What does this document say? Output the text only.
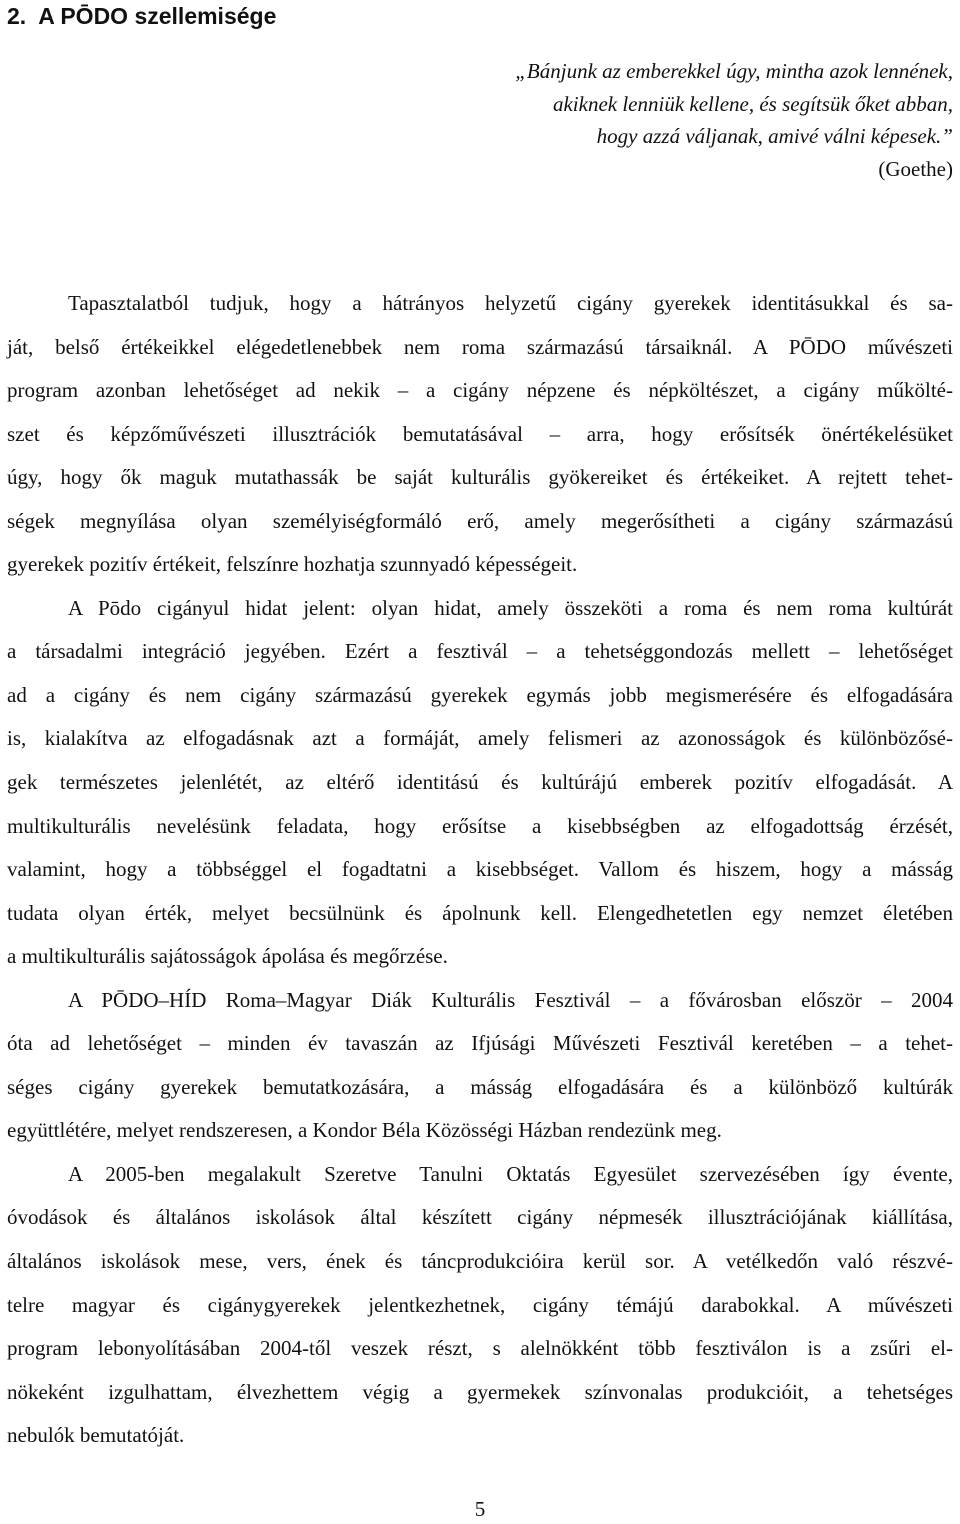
2. A PŌDO szellemisége
„Bánjunk az emberekkel úgy, mintha azok lennének,
akiknek lenniük kellene, és segítsük őket abban,
hogy azzá váljanak, amivé válni képesek.”
(Goethe)
Tapasztalatból tudjuk, hogy a hátrányos helyzetű cigány gyerekek identitásukkal és sa-
ját, belső értékeikkel elégedetlenebbek nem roma származású társaiknál. A PŌDO művészeti
program azonban lehetőséget ad nekik ‒ a cigány népzene és népköltészet, a cigány műkölté-
szet és képzőművészeti illusztrációk bemutatásával ‒ arra, hogy erősítsék önértékelésüket
úgy, hogy ők maguk mutathassák be saját kulturális gyökereiket és értékeiket. A rejtett tehet-
ségek megnyílása olyan személyiségformáló erő, amely megerősítheti a cigány származású
gyerekek pozitív értékeit, felszínre hozhatja szunnyadó képességeit.
A Pōdo cigányul hidat jelent: olyan hidat, amely összeköti a roma és nem roma kultúrát
a társadalmi integráció jegyében. Ezért a fesztivál ‒ a tehetséggondozás mellett ‒ lehetőséget
ad a cigány és nem cigány származású gyerekek egymás jobb megismerésére és elfogadására
is, kialakítva az elfogadásnak azt a formáját, amely felismeri az azonosságok és különbözősé-
gek természetes jelenlétét, az eltérő identitású és kultúrájú emberek pozitív elfogadását. A
multikulturális nevelésünk feladata, hogy erősítse a kisebbségben az elfogadottság érzését,
valamint, hogy a többséggel el fogadtatni a kisebbséget. Vallom és hiszem, hogy a másság
tudata olyan érték, melyet becsülnünk és ápolnunk kell. Elengedhetetlen egy nemzet életében
a multikulturális sajátosságok ápolása és megőrzése.
A PŌDO‒HÍD Roma‒Magyar Diák Kulturális Fesztivál ‒ a fővárosban először ‒ 2004
óta ad lehetőséget ‒ minden év tavaszán az Ifjúsági Művészeti Fesztivál keretében ‒ a tehet-
séges cigány gyerekek bemutatkozására, a másság elfogadására és a különböző kultúrák
együttlétére, melyet rendszeresen, a Kondor Béla Közösségi Házban rendezünk meg.
A 2005-ben megalakult Szeretve Tanulni Oktatás Egyesület szervezésében így évente,
óvodások és általános iskolások által készített cigány népmesék illusztrációjának kiállítása,
általános iskolások mese, vers, ének és táncprodukcióira kerül sor. A vetélkedőn való részvé-
telre magyar és cigánygyerekek jelentkezhetnek, cigány témájú darabokkal. A művészeti
program lebonyolításában 2004-től veszek részt, s alelnökként több fesztiválon is a zsűri el-
nökeként izgulhattam, élvezhettem végig a gyermekek színvonalas produkcióit, a tehetséges
nebulók bemutatóját.
5
